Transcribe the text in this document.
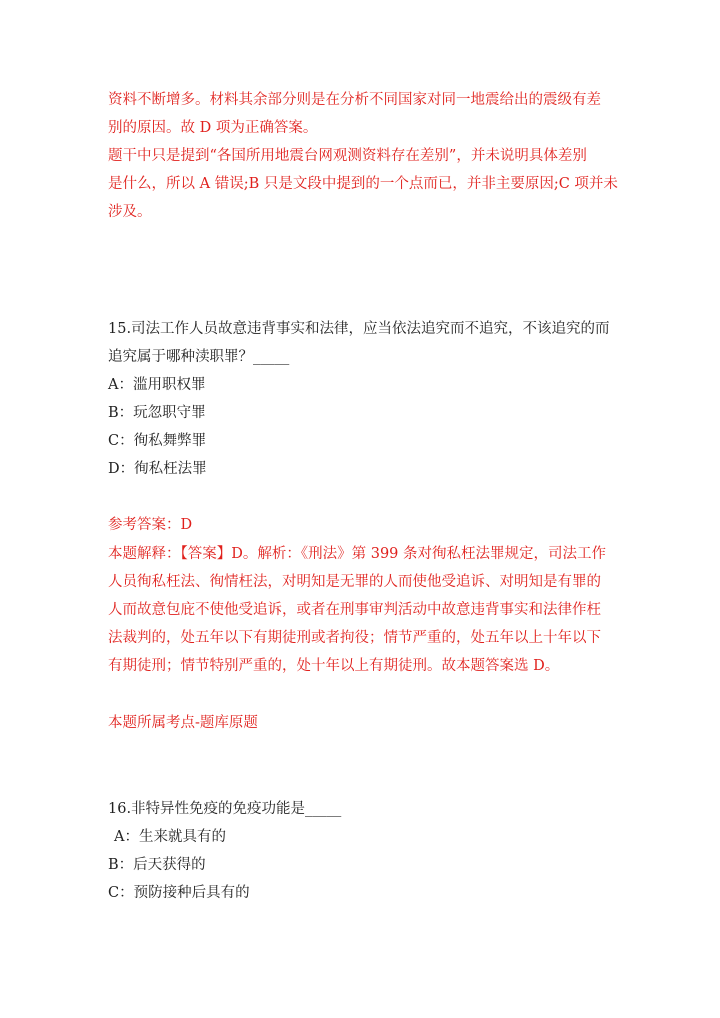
资料不断增多。材料其余部分则是在分析不同国家对同一地震给出的震级有差
别的原因。故 D 项为正确答案。
题干中只是提到“各国所用地震台网观测资料存在差别”，并未说明具体差别
是什么，所以 A 错误;B 只是文段中提到的一个点而已，并非主要原因;C 项并未
涉及。
15.司法工作人员故意违背事实和法律，应当依法追究而不追究，不该追究的而
追究属于哪种渎职罪？_____
A：滥用职权罪
B：玩忽职守罪
C：徇私舞弊罪
D：徇私枉法罪
参考答案：D
本题解释：【答案】D。解析：《刑法》第 399 条对徇私枉法罪规定，司法工作
人员徇私枉法、徇情枉法，对明知是无罪的人而使他受追诉、对明知是有罪的
人而故意包庇不使他受追诉，或者在刑事审判活动中故意违背事实和法律作枉
法裁判的，处五年以下有期徒刑或者拘役；情节严重的，处五年以上十年以下
有期徒刑；情节特别严重的，处十年以上有期徒刑。故本题答案选 D。
本题所属考点-题库原题
16.非特异性免疫的免疫功能是_____
A：生来就具有的
B：后天获得的
C：预防接种后具有的
